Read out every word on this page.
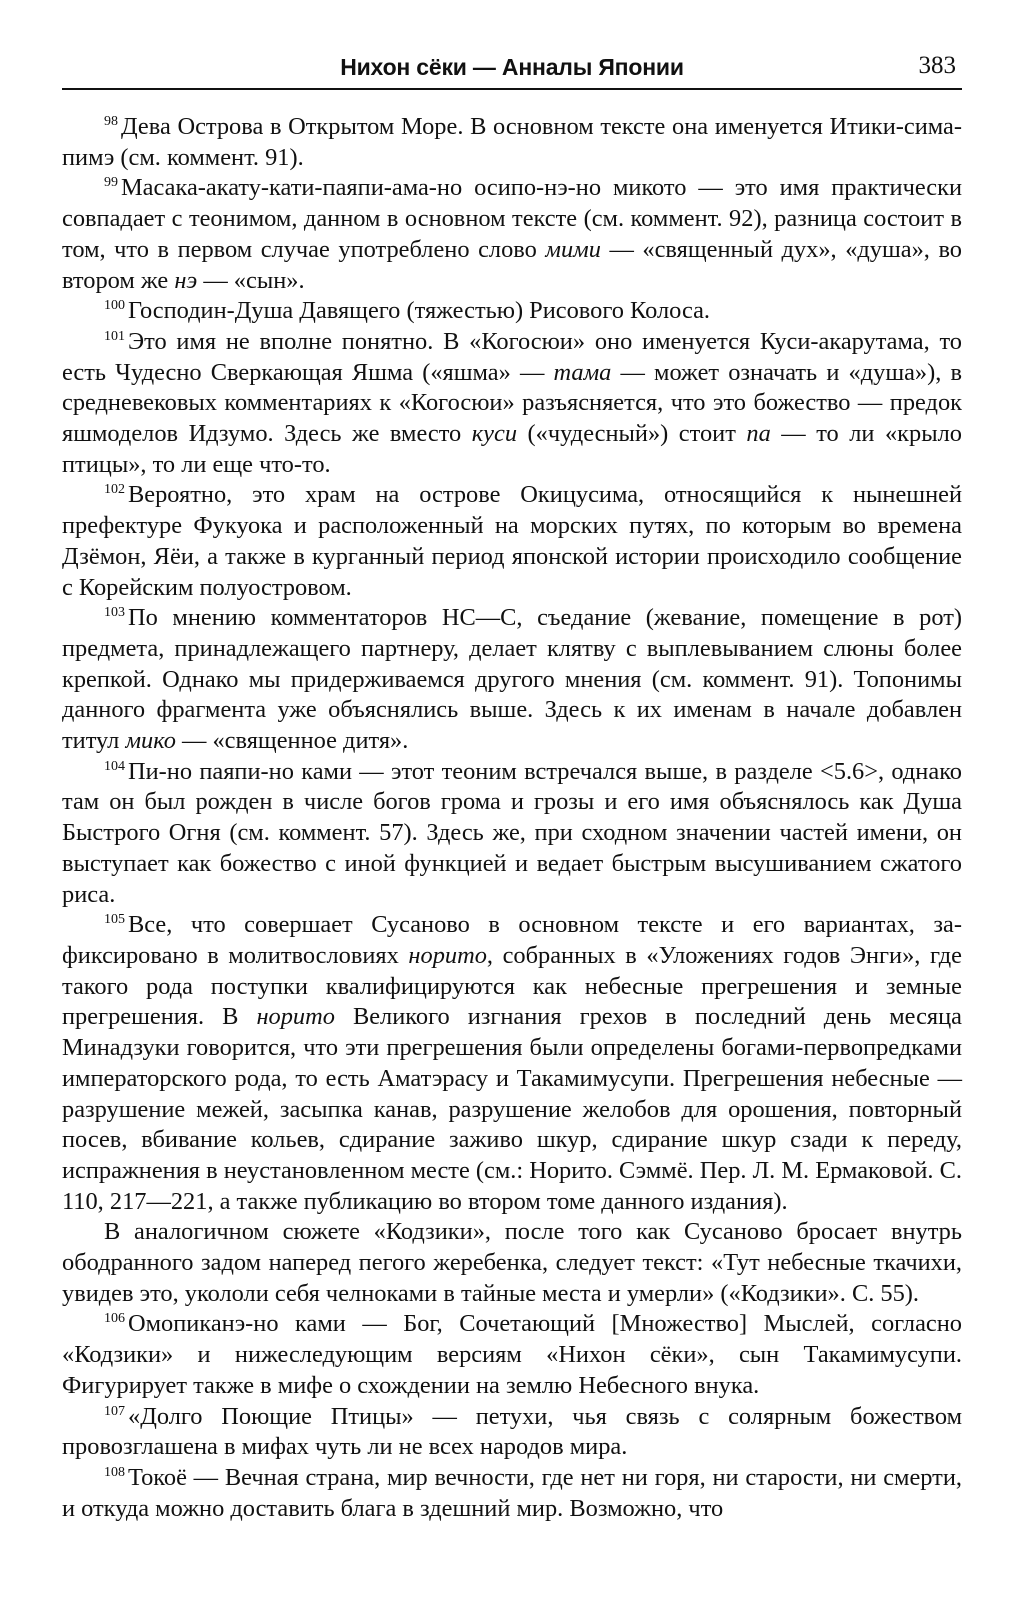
Нихон сёки — Анналы Японии	383

$^{98}$ Дева Острова в Открытом Море. В основном тексте она именуется Итики-сима-пимэ (см. коммент. 91).

$^{99}$ Масака-акату-кати-паяпи-ама-но осипо-нэ-но микото — это имя практически совпадает с теонимом, данном в основном тексте (см. коммент. 92), разница состоит в том, что в первом случае употреблено слово мими — «священный дух», «душа», во втором же нэ — «сын».

$^{100}$ Господин-Душа Давящего (тяжестью) Рисового Колоса.

$^{101}$ Это имя не вполне понятно. В «Когосюи» оно именуется Куси-акарутама, то есть Чудесно Сверкающая Яшма («яшма» — тама — может означать и «душа»), в средневековых комментариях к «Когосюи» разъясняется, что это божество — предок яшмоделов Идзумо. Здесь же вместо куси («чудесный») стоит па — то ли «крыло птицы», то ли еще что-то.

$^{102}$ Вероятно, это храм на острове Окицусима, относящийся к нынешней префектуре Фукуока и расположенный на морских путях, по которым во времена Дзёмон, Яёи, а также в курганный период японской истории происходило сообщение с Корейским полуостровом.

$^{103}$ По мнению комментаторов НС—С, съедание (жевание, помещение в рот) предмета, принадлежащего партнеру, делает клятву с выплевыванием слюны более крепкой. Однако мы придерживаемся другого мнения (см. коммент. 91). Топонимы данного фрагмента уже объяснялись выше. Здесь к их именам в начале добавлен титул мико — «священное дитя».

$^{104}$ Пи-но паяпи-но ками — этот теоним встречался выше, в разделе <5.6>, однако там он был рожден в числе богов грома и грозы и его имя объяснялось как Душа Быстрого Огня (см. коммент. 57). Здесь же, при сходном значении частей имени, он выступает как божество с иной функцией и ведает быстрым высушиванием сжатого риса.

$^{105}$ Все, что совершает Сусаново в основном тексте и его вариантах, зафиксировано в молитвословиях норито, собранных в «Уложениях годов Энги», где такого рода поступки квалифицируются как небесные прегрешения и земные прегрешения. В норито Великого изгнания грехов в последний день месяца Минадзуки говорится, что эти прегрешения были определены богами-первопредками императорского рода, то есть Аматэрасу и Такамимусупи. Прегрешения небесные — разрушение межей, засыпка канав, разрушение желобов для орошения, повторный посев, вбивание кольев, сдирание заживо шкур, сдирание шкур сзади к переду, испражнения в неустановленном месте (см.: Норито. Сэммё. Пер. Л. М. Ермаковой. С. 110, 217—221, а также публикацию во втором томе данного издания).

В аналогичном сюжете «Кодзики», после того как Сусаново бросает внутрь ободранного задом наперед пегого жеребенка, следует текст: «Тут небесные ткачихи, увидев это, укололи себя челноками в тайные места и умерли» («Кодзики». С. 55).

$^{106}$ Омопиканэ-но ками — Бог, Сочетающий [Множество] Мыслей, согласно «Кодзики» и нижеследующим версиям «Нихон сёки», сын Такамимусупи. Фигурирует также в мифе о схождении на землю Небесного внука.

$^{107}$ «Долго Поющие Птицы» — петухи, чья связь с солярным божеством провозглашена в мифах чуть ли не всех народов мира.

$^{108}$ Токоё — Вечная страна, мир вечности, где нет ни горя, ни старости, ни смерти, и откуда можно доставить блага в здешний мир. Возможно, что
